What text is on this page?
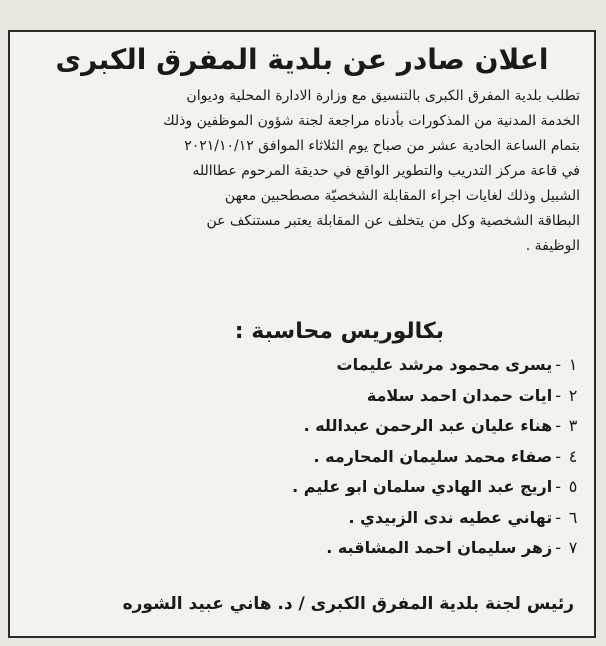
اعلان صادر عن بلدية المفرق الكبرى
تطلب بلدية المفرق الكبرى بالتنسيق مع وزارة الادارة المحلية وديوان
الخدمة المدنية من المذكورات بأدناه مراجعة لجنة شؤون الموظفين وذلك
بتمام الساعة الحادية عشر من صباح يوم الثلاثاء الموافق ٢٠٢١/١٠/١٢
في قاعة مركز التدريب والتطوير الواقع في حديقة المرحوم عطاالله
الشبيل وذلك لغايات اجراء المقابلة الشخصيّة مصطحبين معهن
البطاقة الشخصية وكل من يتخلف عن المقابلة يعتبر مستنكف عن
الوظيفة .
بكالوريس محاسبة :
١-يسرى محمود مرشد عليمات
٢-ايات حمدان احمد سلامة
٣-هناء عليان عبد الرحمن عبدالله .
٤-صفاء محمد سليمان المحارمه .
٥-اريج عبد الهادي سلمان ابو عليم .
٦-تهاني عطيه ندى الزبيدي .
٧-زهر سليمان احمد المشاقبه .
رئيس لجنة بلدية المفرق الكبرى / د. هاني عبيد الشوره
